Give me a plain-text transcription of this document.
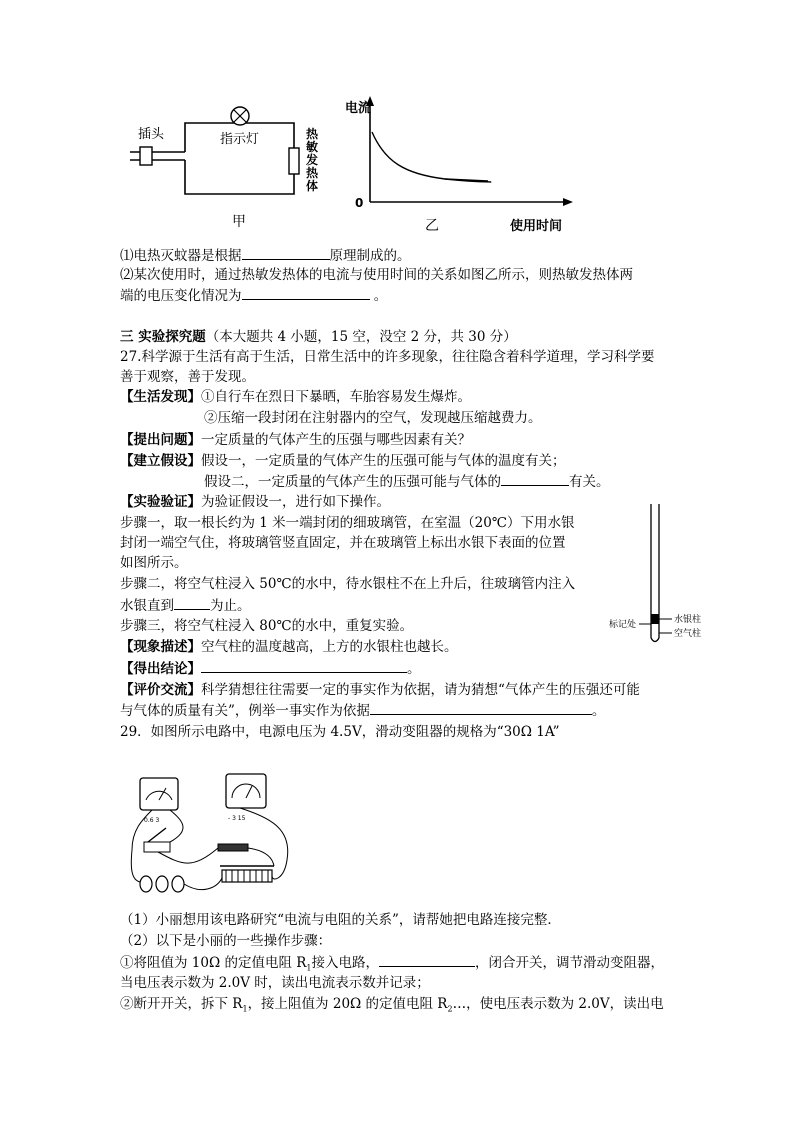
插头	指示灯
甲
热敏发热体
电流
0
乙	使用时间
⑴电热灭蚊器是根据	原理制成的。
⑵某次使用时，通过热敏发热体的电流与使用时间的关系如图乙所示，则热敏发热体两
端的电压变化情况为	。
三 实验探究题（本大题共 4 小题，15 空，没空 2 分，共 30 分）
27.科学源于生活有高于生活，日常生活中的许多现象，往往隐含着科学道理，学习科学要
善于观察，善于发现。
【生活发现】①自行车在烈日下暴晒，车胎容易发生爆炸。
②压缩一段封闭在注射器内的空气，发现越压缩越费力。
【提出问题】一定质量的气体产生的压强与哪些因素有关？
【建立假设】假设一，一定质量的气体产生的压强可能与气体的温度有关；
假设二，一定质量的气体产生的压强可能与气体的	有关。
【实验验证】为验证假设一，进行如下操作。
步骤一，取一根长约为 1 米一端封闭的细玻璃管，在室温（20℃）下用水银
封闭一端空气住，将玻璃管竖直固定，并在玻璃管上标出水银下表面的位置
如图所示。
步骤二，将空气柱浸入 50℃的水中，待水银柱不在上升后，往玻璃管内注入
水银直到	为止。
步骤三，将空气柱浸入 80℃的水中，重复实验。
【现象描述】空气柱的温度越高，上方的水银柱也越长。
【得出结论】	。
【评价交流】科学猜想往往需要一定的事实作为依据，请为猜想“气体产生的压强还可能
与气体的质量有关”，例举一事实作为依据	。
标记处	水银柱
空气柱
29．如图所示电路中，电源电压为 4.5V，滑动变阻器的规格为“30Ω 1A”
0.6 3	- 3 15
（1）小丽想用该电路研究“电流与电阻的关系”，请帮她把电路连接完整．
（2）以下是小丽的一些操作步骤：
①将阻值为 10Ω 的定值电阻 $R_1$接入电路，	，闭合开关，调节滑动变阻器，
当电压表示数为 2.0V 时，读出电流表示数并记录；
②断开开关，拆下 $R_1$，接上阻值为 20Ω 的定值电阻 $R_2\dots$，使电压表示数为 2.0V，读出电
